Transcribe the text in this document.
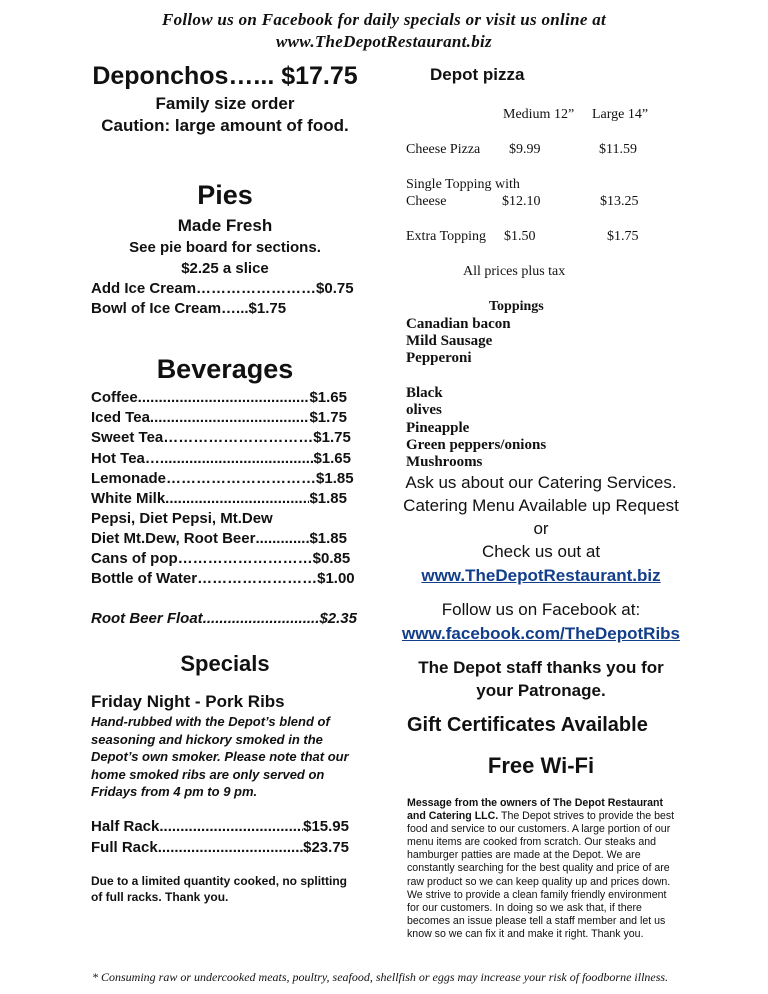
Follow us on Facebook for daily specials or visit us online at
www.TheDepotRestaurant.biz
Deponchos…... $17.75
Family size order
Caution: large amount of food.
Pies
Made Fresh
See pie board for sections.
$2.25 a slice
Add Ice Cream……………………$0.75
Bowl of Ice Cream…...$1.75
Beverages
Coffee .....	$1.65
Iced Tea .....	$1.75
Sweet Tea………………………… $1.75
Hot Tea… .....	$1.65
Lemonade………………………… $1.85
White Milk .....	$1.85
Pepsi, Diet Pepsi, Mt.Dew
Diet Mt.Dew, Root Beer .....	$1.85
Cans of pop……………………… $0.85
Bottle of Water…………………… $1.00
Root Beer Float .....	$2.35
Specials
Friday Night - Pork Ribs
Hand-rubbed with the Depot’s blend of seasoning and hickory smoked in the Depot’s own smoker. Please note that our home smoked ribs are only served on Fridays from 4 pm to 9 pm.
Half Rack .....	$15.95
Full Rack .....	$23.75
Due to a limited quantity cooked, no splitting of full racks. Thank you.
Depot pizza
Medium 12” Large 14”
Cheese Pizza $9.99	$11.59
Single Topping with
Cheese	$12.10	$13.25
Extra Topping $1.50	$1.75
All prices plus tax
Toppings
Canadian bacon
Mild Sausage
Pepperoni
Black
olives
Pineapple
Green peppers/onions
Mushrooms
Ask us about our Catering Services.
Catering Menu Available up Request
or
Check us out at
www.TheDepotRestaurant.biz
Follow us on Facebook at:
www.facebook.com/TheDepotRibs
The Depot staff thanks you for
your Patronage.
Gift Certificates Available
Free Wi-Fi
Message from the owners of The Depot Restaurant and Catering LLC. The Depot strives to provide the best food and service to our customers. A large portion of our menu items are cooked from scratch. Our steaks and hamburger patties are made at the Depot. We are constantly searching for the best quality and price of are raw product so we can keep quality up and prices down. We strive to provide a clean family friendly environment for our customers. In doing so we ask that, if there becomes an issue please tell a staff member and let us know so we can fix it and make it right. Thank you.
* Consuming raw or undercooked meats, poultry, seafood, shellfish or eggs may increase your risk of foodborne illness.
